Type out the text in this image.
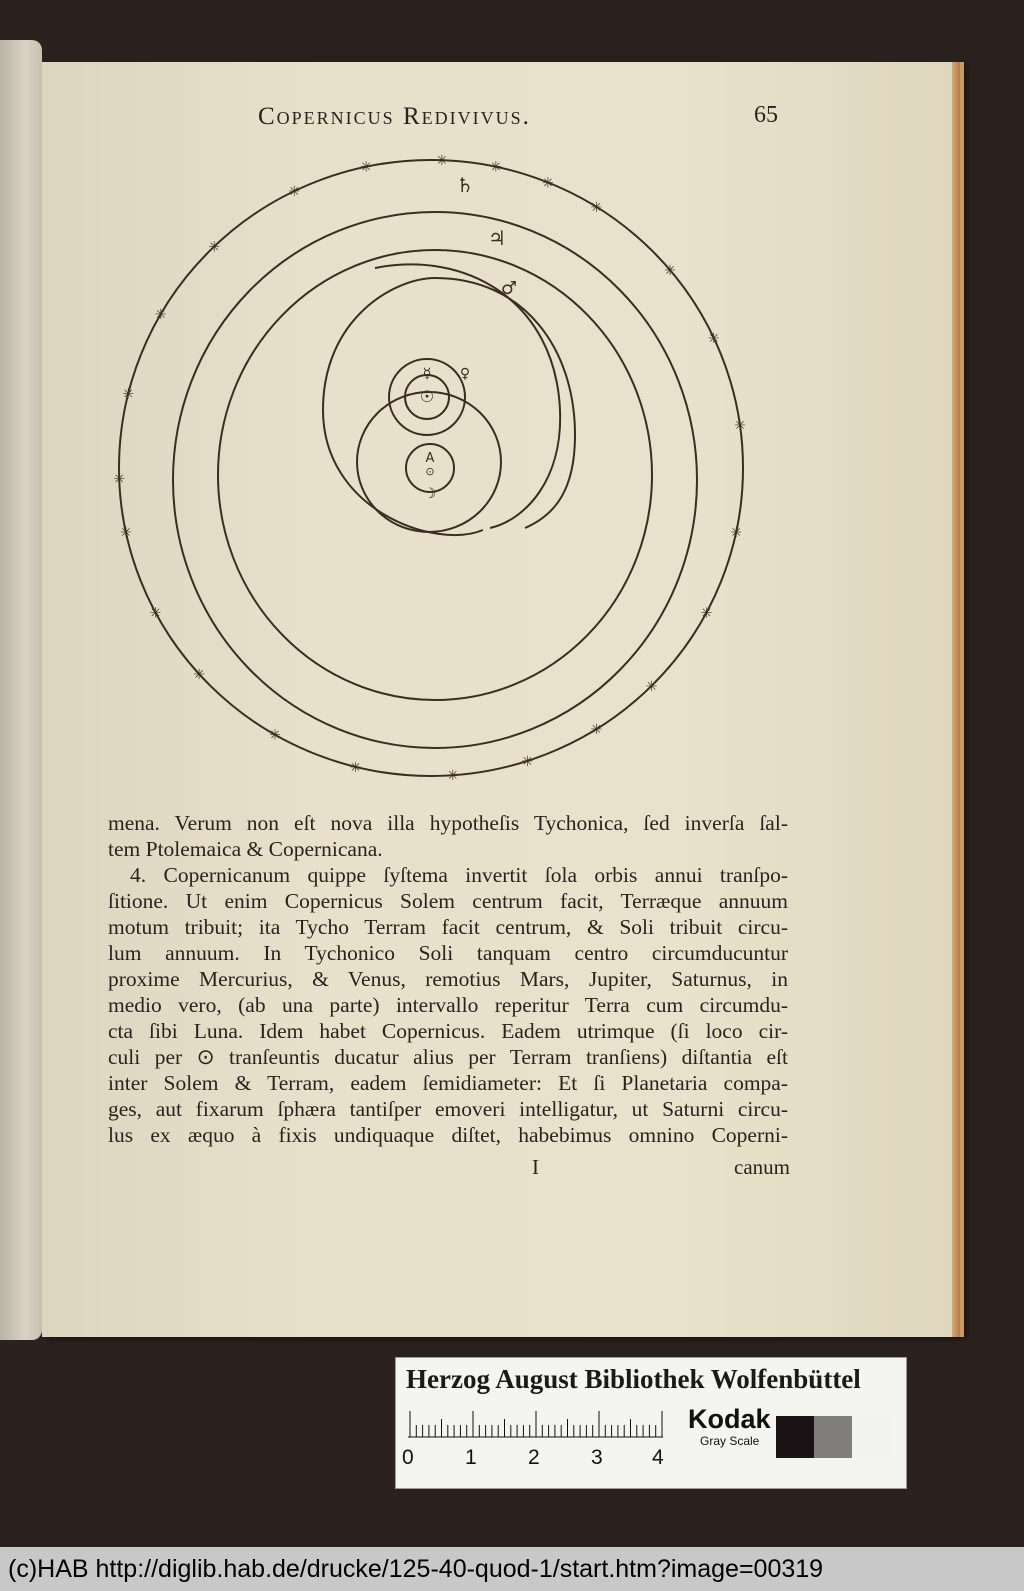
Copernicus Redivivus.	65
✳	✳
✳
✳
✳
✳
✳
✳
✳
✳
✳
✳
✳
✳
✳
✳
✳
✳
✳
✳
✳
✳
✳
✳
♄
♃
♂
☿ ♀
☉
A
⊙
☽
mena. Verum non eſt nova illa hypotheſis Tychonica, ſed inverſa ſal-
tem Ptolemaica & Copernicana.
4. Copernicanum quippe ſyſtema invertit ſola orbis annui tranſpo-
ſitione. Ut enim Copernicus Solem centrum facit, Terræque annuum
motum tribuit; ita Tycho Terram facit centrum, & Soli tribuit circu-
lum annuum. In Tychonico Soli tanquam centro circumducuntur
proxime Mercurius, & Venus, remotius Mars, Jupiter, Saturnus, in
medio vero, (ab una parte) intervallo reperitur Terra cum circumdu-
cta ſibi Luna. Idem habet Copernicus. Eadem utrimque (ſi loco cir-
culi per ⊙ tranſeuntis ducatur alius per Terram tranſiens) diſtantia eſt
inter Solem & Terram, eadem ſemidiameter: Et ſi Planetaria compa-
ges, aut fixarum ſphæra tantiſper emoveri intelligatur, ut Saturni circu-
lus ex æquo à fixis undiquaque diſtet, habebimus omnino Coperni-
I	canum
Herzog August Bibliothek Wolfenbüttel
0 1 2 3 4
Kodak
Gray Scale
(c)HAB http://diglib.hab.de/drucke/125-40-quod-1/start.htm?image=00319
